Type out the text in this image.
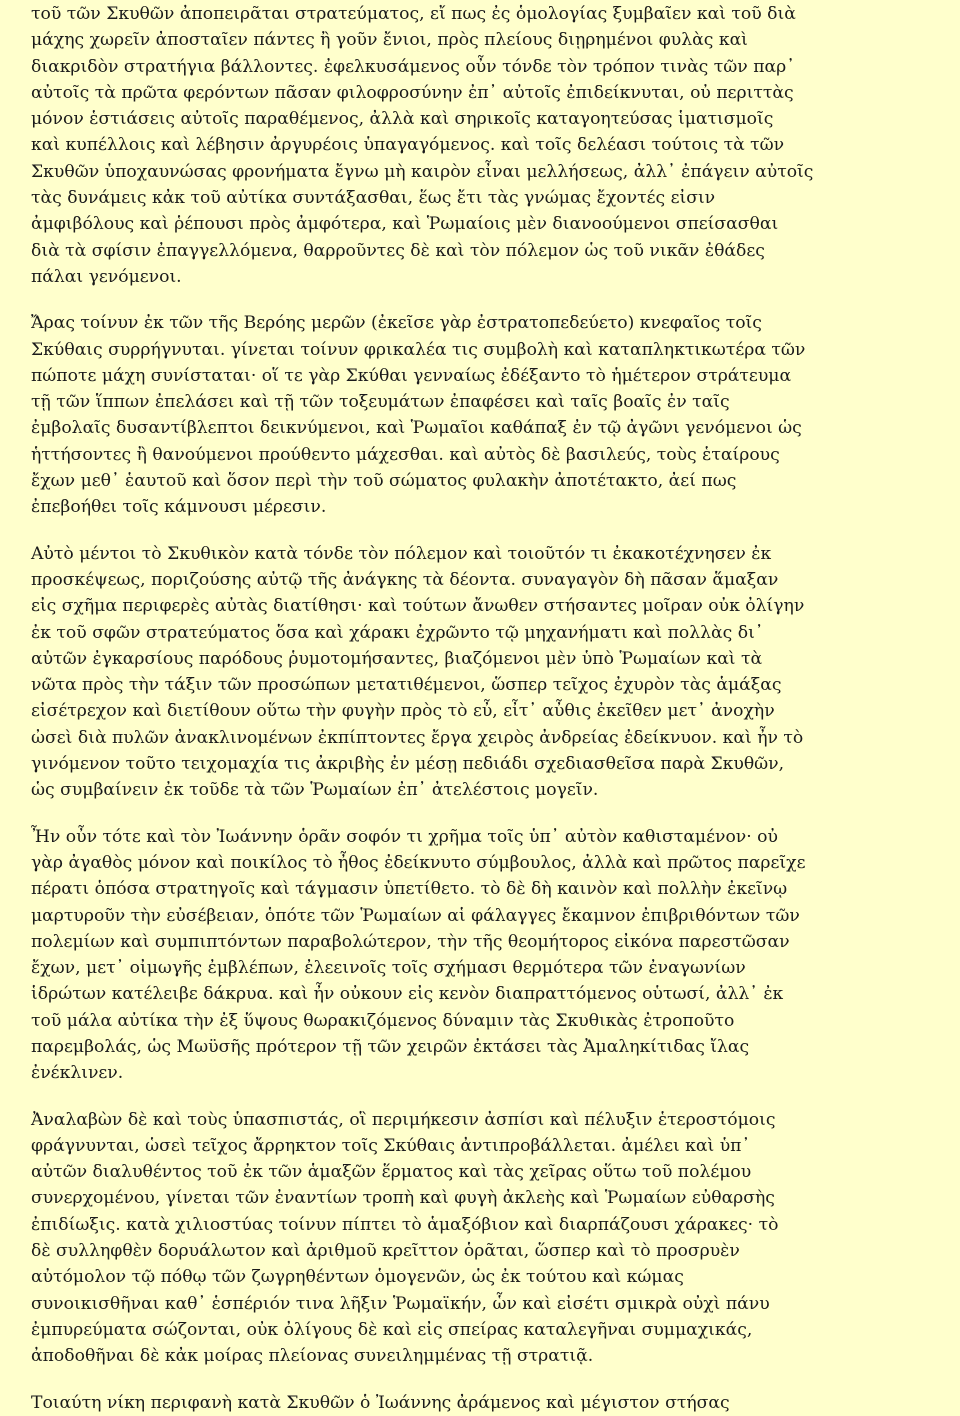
τοῦ τῶν Σκυθῶν ἀποπειρᾶται στρατεύματος, εἴ πως ἐς ὁμολογίας ξυμβαῖεν καὶ τοῦ διὰ
μάχης χωρεῖν ἀποσταῖεν πάντες ἢ γοῦν ἔνιοι, πρὸς πλείους διῃρημένοι φυλὰς καὶ
διακριδὸν στρατήγια βάλλοντες. ἐφελκυσάμενος οὖν τόνδε τὸν τρόπον τινὰς τῶν παρ᾽
αὐτοῖς τὰ πρῶτα φερόντων πᾶσαν φιλοφροσύνην ἐπ᾽ αὐτοῖς ἐπιδείκνυται, οὐ περιττὰς
μόνον ἑστιάσεις αὐτοῖς παραθέμενος, ἀλλὰ καὶ σηρικοῖς καταγοητεύσας ἱματισμοῖς
καὶ κυπέλλοις καὶ λέβησιν ἀργυρέοις ὑπαγαγόμενος. καὶ τοῖς δελέασι τούτοις τὰ τῶν
Σκυθῶν ὑποχαυνώσας φρονήματα ἔγνω μὴ καιρὸν εἶναι μελλήσεως, ἀλλ᾽ ἐπάγειν αὐτοῖς
τὰς δυνάμεις κἀκ τοῦ αὐτίκα συντάξασθαι, ἕως ἔτι τὰς γνώμας ἔχοντές εἰσιν
ἀμφιβόλους καὶ ῥέπουσι πρὸς ἀμφότερα, καὶ Ῥωμαίοις μὲν διανοούμενοι σπείσασθαι
διὰ τὰ σφίσιν ἐπαγγελλόμενα, θαρροῦντες δὲ καὶ τὸν πόλεμον ὡς τοῦ νικᾶν ἐθάδες
πάλαι γενόμενοι.
Ἄρας τοίνυν ἐκ τῶν τῆς Βερόης μερῶν (ἐκεῖσε γὰρ ἐστρατοπεδεύετο) κνεφαῖος τοῖς
Σκύθαις συρρήγνυται. γίνεται τοίνυν φρικαλέα τις συμβολὴ καὶ καταπληκτικωτέρα τῶν
πώποτε μάχη συνίσταται· οἵ τε γὰρ Σκύθαι γενναίως ἐδέξαντο τὸ ἡμέτερον στράτευμα
τῇ τῶν ἵππων ἐπελάσει καὶ τῇ τῶν τοξευμάτων ἐπαφέσει καὶ ταῖς βοαῖς ἐν ταῖς
ἐμβολαῖς δυσαντίβλεπτοι δεικνύμενοι, καὶ Ῥωμαῖοι καθάπαξ ἐν τῷ ἀγῶνι γενόμενοι ὡς
ἡττήσοντες ἢ θανούμενοι προύθεντο μάχεσθαι. καὶ αὐτὸς δὲ βασιλεύς, τοὺς ἑταίρους
ἔχων μεθ᾽ ἑαυτοῦ καὶ ὅσον περὶ τὴν τοῦ σώματος φυλακὴν ἀποτέτακτο, ἀεί πως
ἐπεβοήθει τοῖς κάμνουσι μέρεσιν.
Αὐτὸ μέντοι τὸ Σκυθικὸν κατὰ τόνδε τὸν πόλεμον καὶ τοιοῦτόν τι ἐκακοτέχνησεν ἐκ
προσκέψεως, ποριζούσης αὐτῷ τῆς ἀνάγκης τὰ δέοντα. συναγαγὸν δὴ πᾶσαν ἅμαξαν
εἰς σχῆμα περιφερὲς αὐτὰς διατίθησι· καὶ τούτων ἄνωθεν στήσαντες μοῖραν οὐκ ὀλίγην
ἐκ τοῦ σφῶν στρατεύματος ὅσα καὶ χάρακι ἐχρῶντο τῷ μηχανήματι καὶ πολλὰς δι᾽
αὐτῶν ἐγκαρσίους παρόδους ῥυμοτομήσαντες, βιαζόμενοι μὲν ὑπὸ Ῥωμαίων καὶ τὰ
νῶτα πρὸς τὴν τάξιν τῶν προσώπων μετατιθέμενοι, ὥσπερ τεῖχος ἐχυρὸν τὰς ἁμάξας
εἰσέτρεχον καὶ διετίθουν οὕτω τὴν φυγὴν πρὸς τὸ εὖ, εἶτ᾽ αὖθις ἐκεῖθεν μετ᾽ ἀνοχὴν
ὠσεὶ διὰ πυλῶν ἀνακλινομένων ἐκπίπτοντες ἔργα χειρὸς ἀνδρείας ἐδείκνυον. καὶ ἦν τὸ
γινόμενον τοῦτο τειχομαχία τις ἀκριβὴς ἐν μέσῃ πεδιάδι σχεδιασθεῖσα παρὰ Σκυθῶν,
ὡς συμβαίνειν ἐκ τοῦδε τὰ τῶν Ῥωμαίων ἐπ᾽ ἀτελέστοις μογεῖν.
Ἦν οὖν τότε καὶ τὸν Ἰωάννην ὁρᾶν σοφόν τι χρῆμα τοῖς ὑπ᾽ αὐτὸν καθισταμένον· οὐ
γὰρ ἀγαθὸς μόνον καὶ ποικίλος τὸ ἦθος ἐδείκνυτο σύμβουλος, ἀλλὰ καὶ πρῶτος παρεῖχε
πέρατι ὁπόσα στρατηγοῖς καὶ τάγμασιν ὑπετίθετο. τὸ δὲ δὴ καινὸν καὶ πολλὴν ἐκεῖνῳ
μαρτυροῦν τὴν εὐσέβειαν, ὁπότε τῶν Ῥωμαίων αἱ φάλαγγες ἔκαμνον ἐπιβριθόντων τῶν
πολεμίων καὶ συμπιπτόντων παραβολώτερον, τὴν τῆς θεομήτορος εἰκόνα παρεστῶσαν
ἔχων, μετ᾽ οἰμωγῆς ἐμβλέπων, ἐλεεινοῖς τοῖς σχήμασι θερμότερα τῶν ἐναγωνίων
ἱδρώτων κατέλειβε δάκρυα. καὶ ἦν οὐκουν εἰς κενὸν διαπραττόμενος οὑτωσί, ἀλλ᾽ ἐκ
τοῦ μάλα αὐτίκα τὴν ἐξ ὕψους θωρακιζόμενος δύναμιν τὰς Σκυθικὰς ἐτροποῦτο
παρεμβολάς, ὡς Μωϋσῆς πρότερον τῇ τῶν χειρῶν ἐκτάσει τὰς Ἀμαληκίτιδας ἴλας
ἐνέκλινεν.
Ἀναλαβὼν δὲ καὶ τοὺς ὑπασπιστάς, οἳ περιμήκεσιν ἀσπίσι καὶ πέλυξιν ἑτεροστόμοις
φράγνυνται, ὡσεὶ τεῖχος ἄρρηκτον τοῖς Σκύθαις ἀντιπροβάλλεται. ἀμέλει καὶ ὑπ᾽
αὐτῶν διαλυθέντος τοῦ ἐκ τῶν ἁμαξῶν ἕρματος καὶ τὰς χεῖρας οὕτω τοῦ πολέμου
συνερχομένου, γίνεται τῶν ἐναντίων τροπὴ καὶ φυγὴ ἀκλεὴς καὶ Ῥωμαίων εὐθαρσὴς
ἐπιδίωξις. κατὰ χιλιοστύας τοίνυν πίπτει τὸ ἁμαξόβιον καὶ διαρπάζουσι χάρακες· τὸ
δὲ συλληφθὲν δορυάλωτον καὶ ἀριθμοῦ κρεῖττον ὁρᾶται, ὥσπερ καὶ τὸ προσρυὲν
αὐτόμολον τῷ πόθῳ τῶν ζωγρηθέντων ὁμογενῶν, ὡς ἐκ τούτου καὶ κώμας
συνοικισθῆναι καθ᾽ ἑσπέριόν τινα λῆξιν Ῥωμαϊκήν, ὧν καὶ εἰσέτι σμικρὰ οὐχὶ πάνυ
ἐμπυρεύματα σώζονται, οὐκ ὀλίγους δὲ καὶ εἰς σπείρας καταλεγῆναι συμμαχικάς,
ἀποδοθῆναι δὲ κἀκ μοίρας πλείονας συνειλημμένας τῇ στρατιᾷ.
Τοιαύτη νίκη περιφανὴ κατὰ Σκυθῶν ὁ Ἰωάννης ἀράμενος καὶ μέγιστον στήσας
